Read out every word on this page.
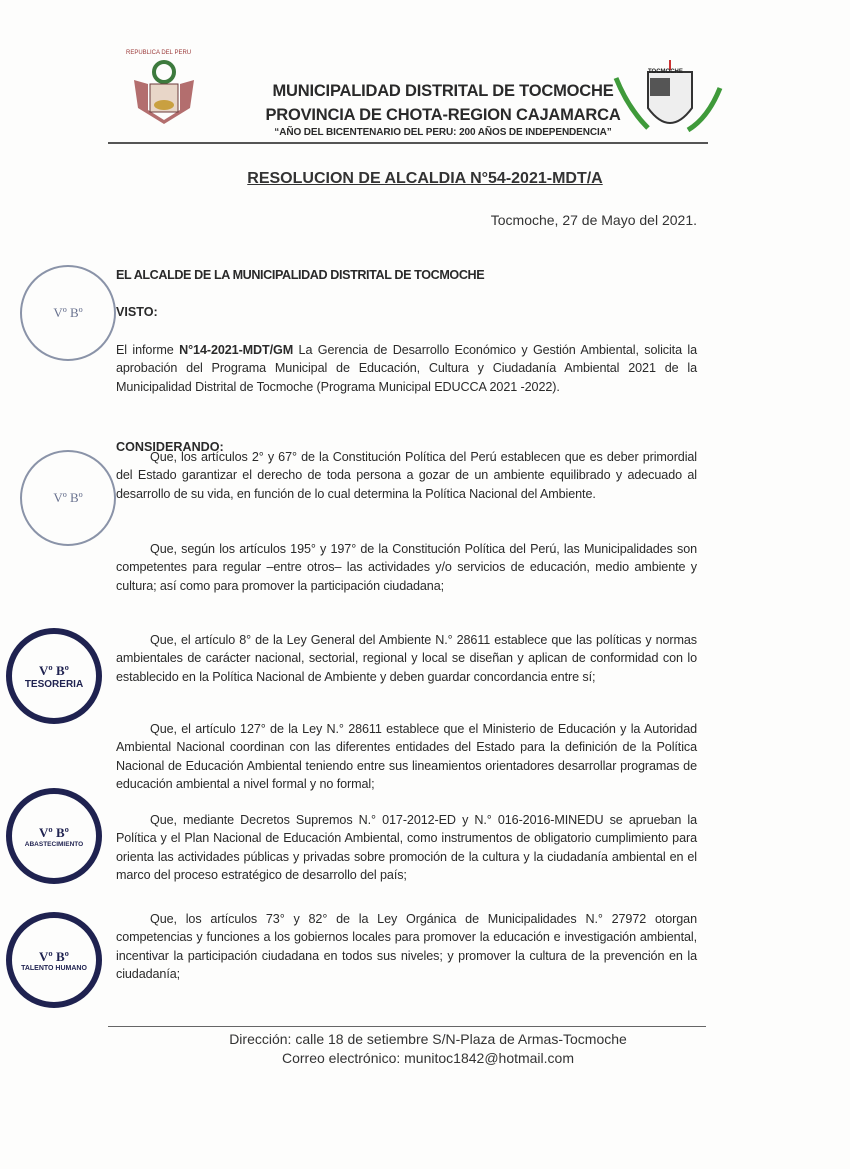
REPUBLICA DEL PERU
TOCMOCHE
MUNICIPALIDAD DISTRITAL DE TOCMOCHE
PROVINCIA DE CHOTA-REGION CAJAMARCA
“AÑO DEL BICENTENARIO DEL PERU: 200 AÑOS DE INDEPENDENCIA”
RESOLUCION DE ALCALDIA N°54-2021-MDT/A
Tocmoche, 27 de Mayo del 2021.
EL ALCALDE DE LA MUNICIPALIDAD DISTRITAL DE TOCMOCHE
VISTO:
El informe N°14-2021-MDT/GM La Gerencia de Desarrollo Económico y Gestión Ambiental, solicita la aprobación del Programa Municipal de Educación, Cultura y Ciudadanía Ambiental 2021 de la Municipalidad Distrital de Tocmoche (Programa Municipal EDUCCA 2021 -2022).
CONSIDERANDO:
Que, los artículos 2° y 67° de la Constitución Política del Perú establecen que es deber primordial del Estado garantizar el derecho de toda persona a gozar de un ambiente equilibrado y adecuado al desarrollo de su vida, en función de lo cual determina la Política Nacional del Ambiente.
Que, según los artículos 195° y 197° de la Constitución Política del Perú, las Municipalidades son competentes para regular –entre otros– las actividades y/o servicios de educación, medio ambiente y cultura; así como para promover la participación ciudadana;
Que, el artículo 8° de la Ley General del Ambiente N.° 28611 establece que las políticas y normas ambientales de carácter nacional, sectorial, regional y local se diseñan y aplican de conformidad con lo establecido en la Política Nacional de Ambiente y deben guardar concordancia entre sí;
Que, el artículo 127° de la Ley N.° 28611 establece que el Ministerio de Educación y la Autoridad Ambiental Nacional coordinan con las diferentes entidades del Estado para la definición de la Política Nacional de Educación Ambiental teniendo entre sus lineamientos orientadores desarrollar programas de educación ambiental a nivel formal y no formal;
Que, mediante Decretos Supremos N.° 017-2012-ED y N.° 016-2016-MINEDU se aprueban la Política y el Plan Nacional de Educación Ambiental, como instrumentos de obligatorio cumplimiento para orienta las actividades públicas y privadas sobre promoción de la cultura y la ciudadanía ambiental en el marco del proceso estratégico de desarrollo del país;
Que, los artículos 73° y 82° de la Ley Orgánica de Municipalidades N.° 27972 otorgan competencias y funciones a los gobiernos locales para promover la educación e investigación ambiental, incentivar la participación ciudadana en todos sus niveles; y promover la cultura de la prevención en la ciudadanía;
Vº Bº
Vº Bº
Vº Bº
TESORERIA
Vº Bº
ABASTECIMIENTO
Vº Bº
TALENTO HUMANO
Dirección: calle 18 de setiembre S/N-Plaza de Armas-Tocmoche
Correo electrónico: munitoc1842@hotmail.com
